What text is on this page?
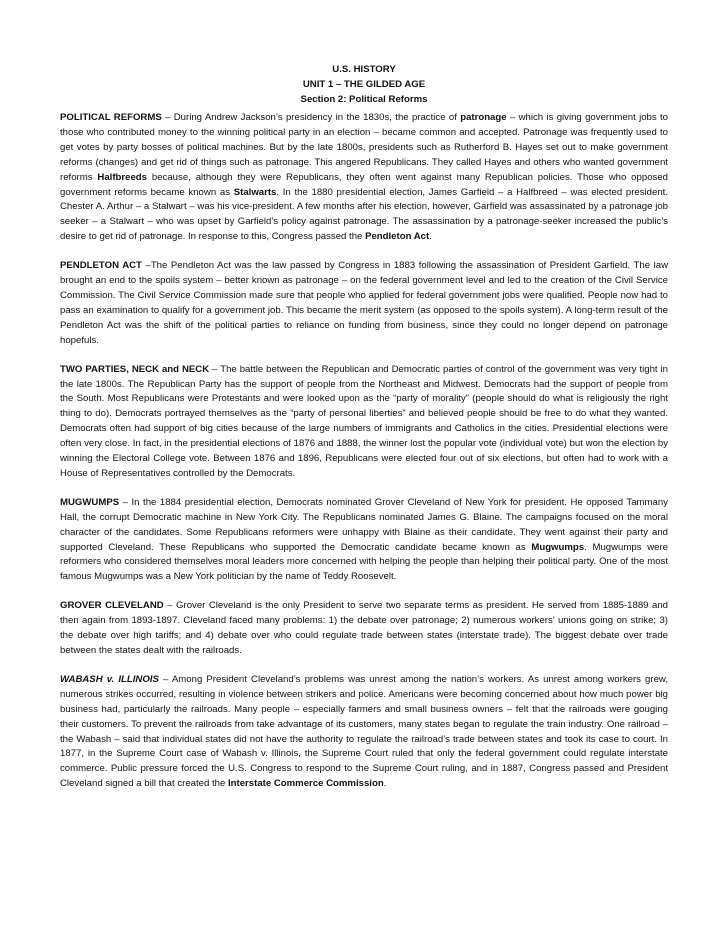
U.S. HISTORY
UNIT 1 – THE GILDED AGE
Section 2: Political Reforms

POLITICAL REFORMS – During Andrew Jackson’s presidency in the 1830s, the practice of patronage – which is giving government jobs to those who contributed money to the winning political party in an election – became common and accepted. Patronage was frequently used to get votes by party bosses of political machines. But by the late 1800s, presidents such as Rutherford B. Hayes set out to make government reforms (changes) and get rid of things such as patronage. This angered Republicans. They called Hayes and others who wanted government reforms Halfbreeds because, although they were Republicans, they often went against many Republican policies. Those who opposed government reforms became known as Stalwarts. In the 1880 presidential election, James Garfield – a Halfbreed – was elected president. Chester A. Arthur – a Stalwart – was his vice-president. A few months after his election, however, Garfield was assassinated by a patronage job seeker – a Stalwart – who was upset by Garfield’s policy against patronage. The assassination by a patronage-seeker increased the public’s desire to get rid of patronage. In response to this, Congress passed the Pendleton Act.

PENDLETON ACT –The Pendleton Act was the law passed by Congress in 1883 following the assassination of President Garfield. The law brought an end to the spoils system – better known as patronage – on the federal government level and led to the creation of the Civil Service Commission. The Civil Service Commission made sure that people who applied for federal government jobs were qualified. People now had to pass an examination to qualify for a government job. This became the merit system (as opposed to the spoils system). A long-term result of the Pendleton Act was the shift of the political parties to reliance on funding from business, since they could no longer depend on patronage hopefuls.

TWO PARTIES, NECK and NECK – The battle between the Republican and Democratic parties of control of the government was very tight in the late 1800s. The Republican Party has the support of people from the Northeast and Midwest. Democrats had the support of people from the South. Most Republicans were Protestants and were looked upon as the “party of morality” (people should do what is religiously the right thing to do). Democrats portrayed themselves as the “party of personal liberties” and believed people should be free to do what they wanted. Democrats often had support of big cities because of the large numbers of immigrants and Catholics in the cities. Presidential elections were often very close. In fact, in the presidential elections of 1876 and 1888, the winner lost the popular vote (individual vote) but won the election by winning the Electoral College vote. Between 1876 and 1896, Republicans were elected four out of six elections, but often had to work with a House of Representatives controlled by the Democrats.

MUGWUMPS – In the 1884 presidential election, Democrats nominated Grover Cleveland of New York for president. He opposed Tammany Hall, the corrupt Democratic machine in New York City. The Republicans nominated James G. Blaine. The campaigns focused on the moral character of the candidates. Some Republicans reformers were unhappy with Blaine as their candidate. They went against their party and supported Cleveland. These Republicans who supported the Democratic candidate became known as Mugwumps. Mugwumps were reformers who considered themselves moral leaders more concerned with helping the people than helping their political party. One of the most famous Mugwumps was a New York politician by the name of Teddy Roosevelt.

GROVER CLEVELAND – Grover Cleveland is the only President to serve two separate terms as president. He served from 1885-1889 and then again from 1893-1897. Cleveland faced many problems: 1) the debate over patronage; 2) numerous workers’ unions going on strike; 3) the debate over high tariffs; and 4) debate over who could regulate trade between states (interstate trade). The biggest debate over trade between the states dealt with the railroads.

WABASH v. ILLINOIS – Among President Cleveland’s problems was unrest among the nation’s workers. As unrest among workers grew, numerous strikes occurred, resulting in violence between strikers and police. Americans were becoming concerned about how much power big business had, particularly the railroads. Many people – especially farmers and small business owners – felt that the railroads were gouging their customers. To prevent the railroads from take advantage of its customers, many states began to regulate the train industry. One railroad – the Wabash – said that individual states did not have the authority to regulate the railroad’s trade between states and took its case to court. In 1877, in the Supreme Court case of Wabash v. Illinois, the Supreme Court ruled that only the federal government could regulate interstate commerce. Public pressure forced the U.S. Congress to respond to the Supreme Court ruling, and in 1887, Congress passed and President Cleveland signed a bill that created the Interstate Commerce Commission.
